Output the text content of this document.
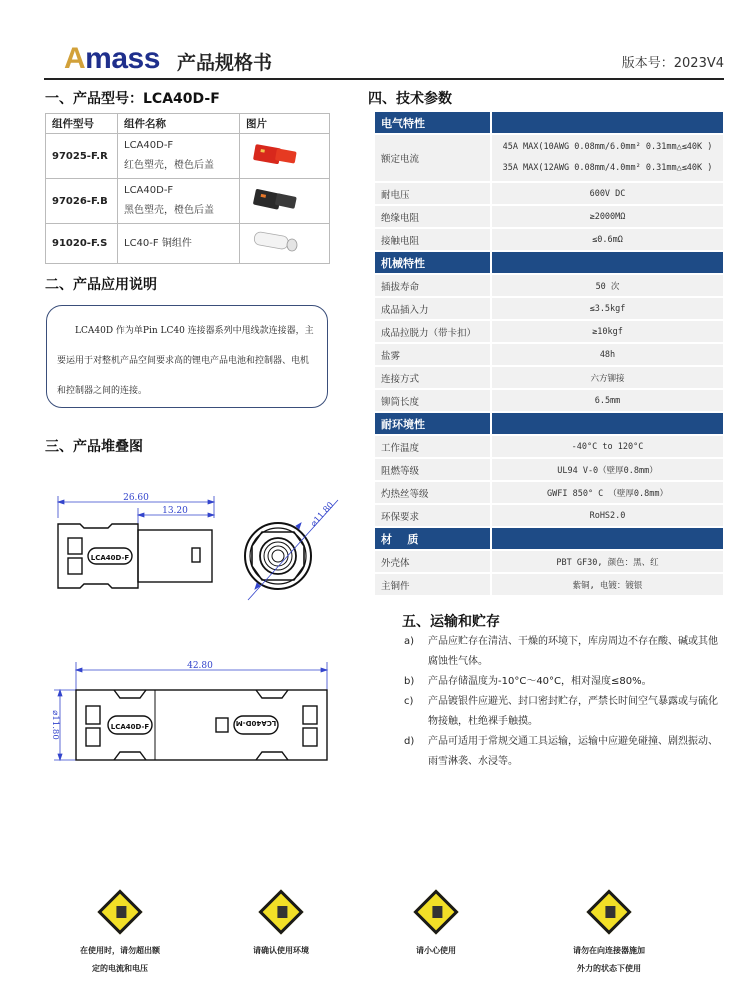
Amass 产品规格书	版本号：2023V4
一、产品型号：LCA40D-F
组件型号	组件名称	图片
97025-F.R	LCA40D-F
红色塑壳，橙色后盖

97026-F.B	LCA40D-F
黑色塑壳，橙色后盖

91020-F.S	LC40-F 铜组件

二、产品应用说明

LCA40D 作为单Pin LC40 连接器系列中甩线款连接器，主要运用于对整机产品空间要求高的锂电产品电池和控制器、电机和控制器之间的连接。

三、产品堆叠图
26.60
13.20
LCA40D-F
⌀11.80
42.80
⌀11.80	LCA40D-F	LCA40D-M
四、技术参数
电气特性	
额定电流	45A MAX(10AWG 0.08mm/6.0mm² 0.31mm△≤40K )
35A MAX(12AWG 0.08mm/4.0mm² 0.31mm△≤40K )

耐电压	600V DC
绝缘电阻	≥2000MΩ
接触电阻	≤0.6mΩ
机械特性	
插拔寿命	50 次
成品插入力	≤3.5kgf
成品拉脱力（带卡扣）	≥10kgf
盐雾	48h
连接方式	六方铆接
铆筒长度	6.5mm
耐环境性	
工作温度	-40°C to 120°C
阻燃等级	UL94 V-0（壁厚0.8mm）
灼热丝等级	GWFI 850° C （壁厚0.8mm）
环保要求	RoHS2.0
材    质	
外壳体	PBT GF30, 颜色：黑、红
主铜件	紫铜, 电镀：镀银
五、运输和贮存
a)	产品应贮存在清洁、干燥的环境下，库房周边不存在酸、碱或其他腐蚀性气体。
b)	产品存储温度为-10°C～40°C，相对湿度≤80%。
c)	产品镀银件应避光、封口密封贮存，严禁长时间空气暴露或与硫化物接触，杜绝裸手触摸。
d)	产品可适用于常规交通工具运输，运输中应避免碰撞、剧烈振动、雨雪淋袭、水浸等。
在使用时，请勿超出额
定的电流和电压
请确认使用环境	请小心使用	请勿在向连接器施加
外力的状态下使用
